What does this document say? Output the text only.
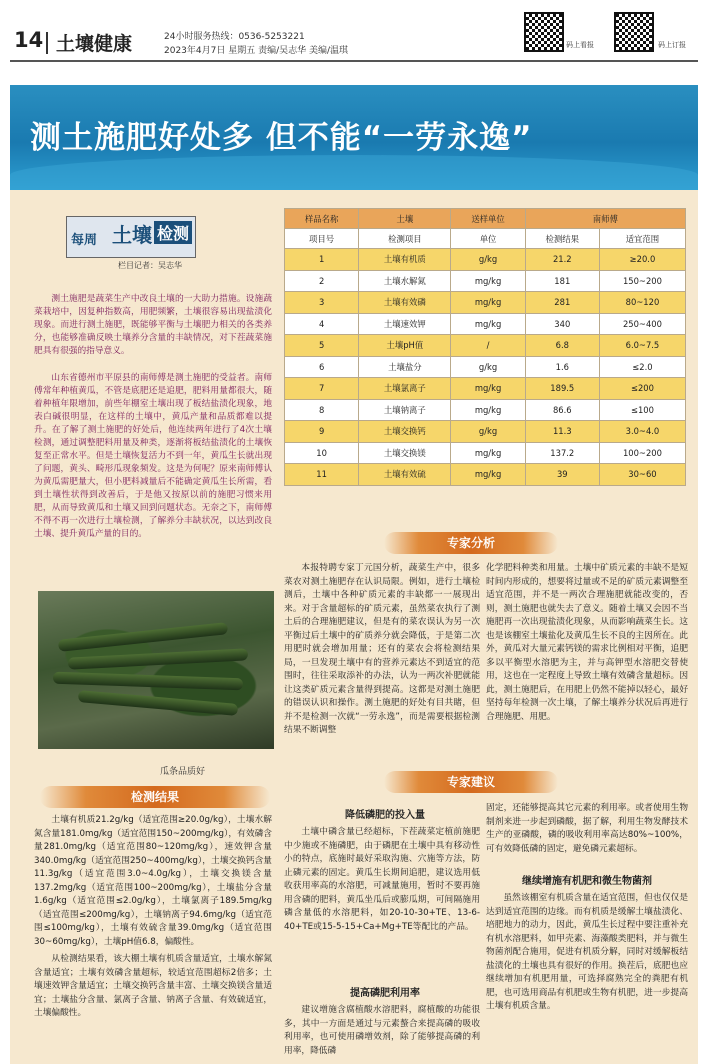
14 土壤健康	24小时服务热线：0536-5253221
2023年4月7日 星期五 责编/吴志华 美编/温琪
码上看报	码上订报
测土施肥好处多 但不能“一劳永逸”
每周 土壤 检测
栏目记者：吴志华

测土施肥是蔬菜生产中改良土壤的一大助力措施。设施蔬菜栽培中，因复种指数高，用肥频繁，土壤很容易出现盐渍化现象。而进行测土施肥，既能够平衡与土壤肥力相关的各类养分，也能够准确反映土壤养分含量的丰缺情况，对下茬蔬菜施肥具有很强的指导意义。

山东省德州市平原县的南师傅是测土施肥的受益者。南师傅常年种植黄瓜，不管是底肥还是追肥，肥料用量都很大，随着种植年限增加，前些年棚室土壤出现了板结盐渍化现象，地表白碱很明显，在这样的土壤中，黄瓜产量和品质都难以提升。在了解了测土施肥的好处后，他连续两年进行了4次土壤检测，通过调整肥料用量及种类，逐渐将板结盐渍化的土壤恢复至正常水平。但是土壤恢复活力不到一年，黄瓜生长就出现了问题，黄头、畸形瓜现象频发。这是为何呢？原来南师傅认为黄瓜需肥量大，但小肥料减量后不能确定黄瓜生长所需，看到土壤性状得到改善后，于是他又按原以前的施肥习惯来用肥，从而导致黄瓜和土壤又回到问题状态。无奈之下，南师傅不得不再一次进行土壤检测，了解养分丰缺状况，以达到改良土壤、提升黄瓜产量的目的。

瓜条品质好
检测结果

土壤有机质21.2g/kg（适宜范围≥20.0g/kg），土壤水解氮含量181.0mg/kg（适宜范围150~200mg/kg），有效磷含量281.0mg/kg（适宜范围80~120mg/kg），速效钾含量340.0mg/kg（适宜范围250~400mg/kg），土壤交换钙含量11.3g/kg（适宜范围3.0~4.0g/kg），土壤交换镁含量137.2mg/kg（适宜范围100~200mg/kg），土壤盐分含量1.6g/kg（适宜范围≤2.0g/kg），土壤氯离子189.5mg/kg（适宜范围≤200mg/kg），土壤钠离子94.6mg/kg（适宜范围≤100mg/kg），土壤有效硫含量39.0mg/kg（适宜范围30~60mg/kg），土壤pH值6.8，偏酸性。

从检测结果看，该大棚土壤有机质含量适宜，土壤水解氮含量适宜；土壤有效磷含量超标，较适宜范围超标2倍多；土壤速效钾含量适宜；土壤交换钙含量丰富、土壤交换镁含量适宜；土壤盐分含量、氯离子含量、钠离子含量、有效硫适宜，土壤偏酸性。

样品名称	土壤	送样单位	南师傅	
项目号	检测项目	单位	检测结果	适宜范围
1	土壤有机质	g/kg	21.2	≥20.0
2	土壤水解氮	mg/kg	181	150~200
3	土壤有效磷	mg/kg	281	80~120
4	土壤速效钾	mg/kg	340	250~400
5	土壤pH值	/	6.8	6.0~7.5
6	土壤盐分	g/kg	1.6	≤2.0
7	土壤氯离子	mg/kg	189.5	≤200
8	土壤钠离子	mg/kg	86.6	≤100
9	土壤交换钙	g/kg	11.3	3.0~4.0
10	土壤交换镁	mg/kg	137.2	100~200
11	土壤有效硫	mg/kg	39	30~60
专家分析

本报特聘专家丁元国分析，蔬菜生产中，很多菜农对测土施肥存在认识局限。例如，进行土壤检测后，土壤中各种矿质元素的丰缺都一一展现出来。对于含量超标的矿质元素，虽然菜农执行了测土后的合理施肥建议，但是有的菜农误认为另一次平衡过后土壤中的矿质养分就会降低，于是第二次用肥时就会增加用量；还有的菜农会将检测结果局，一旦发现土壤中有的营养元素达不到适宜的范围时，往往采取添补的办法，认为一两次补肥就能让这类矿质元素含量得到提高。这都是对测土施肥的错误认识和操作。测土施肥的好处有目共睹，但并不是检测一次就“一劳永逸”，而是需要根据检测结果不断调整

化学肥料种类和用量。土壤中矿质元素的丰缺不是短时间内形成的，想要将过量或不足的矿质元素调整至适宜范围，并不是一两次合理施肥就能改变的，否则，测土施肥也就失去了意义。随着土壤又会因不当施肥再一次出现盐渍化现象，从而影响蔬菜生长。这也是该棚室土壤盐化及黄瓜生长不良的主因所在。此外，黄瓜对大量元素钙镁的需求比例相对平衡，追肥多以平衡型水溶肥为主，并与高钾型水溶肥交替使用，这也在一定程度上导致土壤有效磷含量超标。因此，测土施肥后，在用肥上仍然不能掉以轻心，最好坚持每年检测一次土壤，了解土壤养分状况后再进行合理施肥、用肥。

专家建议
降低磷肥的投入量

土壤中磷含量已经超标，下茬蔬菜定植前施肥中少施或不施磷肥，由于磷肥在土壤中具有移动性小的特点，底施时最好采取沟施、穴施等方法，防止磷元素的固定。黄瓜生长期间追肥，建议选用低收获用率高的水溶肥，可减量施用，暂时不要再施用含磷的肥料，黄瓜坐瓜后或膨瓜期，可间隔施用磷含量低的水溶肥料，如20-10-30+TE、13-6-40+TE或15-5-15+Ca+Mg+TE等配比的产品。

提高磷肥利用率

建议增施含腐植酸水溶肥料，腐植酸的功能很多，其中一方面是通过与元素螯合来提高磷的吸收利用率，也可使用磷增效剂，除了能够提高磷的利用率，降低磷

固定，还能够提高其它元素的利用率。或者使用生物制剂来进一步起到磷酸，据了解，利用生物发酵技术生产的亚磷酸，磷的吸收利用率高达80%~100%，可有效降低磷的固定，避免磷元素超标。

继续增施有机肥和微生物菌剂

虽然该棚室有机质含量在适宜范围，但也仅仅是达到适宜范围的边缘。而有机质是缓解土壤盐渍化、培肥地力的动力，因此，黄瓜生长过程中要注重补充有机水溶肥料，如甲壳素、海藻酸类肥料，并与微生物菌剂配合施用，促进有机质分解，同时对缓解板结盐渍化的土壤也具有很好的作用。换茬后，底肥也应继续增加有机肥用量，可选择腐熟完全的粪肥有机肥，也可选用商品有机肥或生物有机肥，进一步提高土壤有机质含量。
